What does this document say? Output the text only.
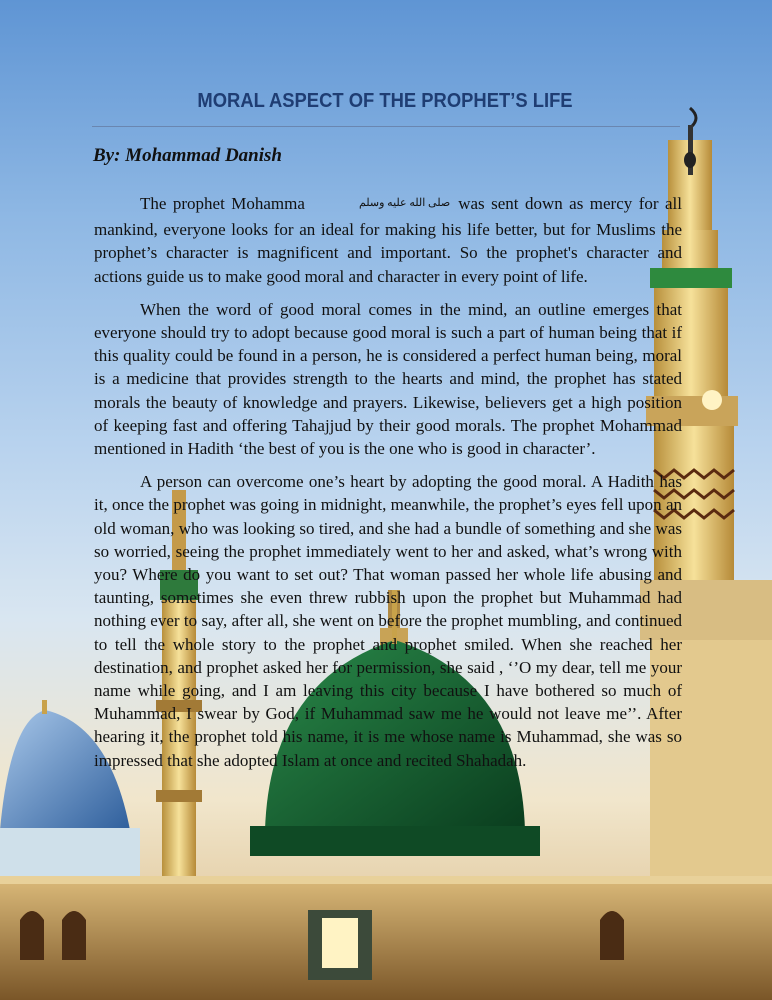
MORAL ASPECT OF THE PROPHET’S LIFE
By: Mohammad Danish

The prophet Mohamma	صلى الله عليه وسلم was sent down as mercy for all mankind, everyone looks for an ideal for making his life better, but for Muslims the prophet’s character is magnificent and important. So the prophet's character and actions guide us to make good moral and character in every point of life.

When the word of good moral comes in the mind, an outline emerges that everyone should try to adopt because good moral is such a part of human being that if this quality could be found in a person, he is considered a perfect human being, moral is a medicine that provides strength to the hearts and mind, the prophet has stated morals the beauty of knowledge and prayers. Likewise, believers get a high position of keeping fast and offering Tahajjud by their good morals. The prophet Mohammad mentioned in Hadith ‘the best of you is the one who is good in character’.

A person can overcome one’s heart by adopting the good moral. A Hadith has it, once the prophet was going in midnight, meanwhile, the prophet’s eyes fell upon an old woman, who was looking so tired, and she had a bundle of something and she was so worried, seeing the prophet immediately went to her and asked, what’s wrong with you? Where do you want to set out? That woman passed her whole life abusing and taunting, sometimes she even threw rubbish upon the prophet but Muhammad had nothing ever to say, after all, she went on before the prophet mumbling, and continued to tell the whole story to the prophet and prophet smiled. When she reached her destination, and prophet asked her for permission, she said , ‘’O my dear, tell me your name while going, and I am leaving this city because I have bothered so much of Muhammad, I swear by God, if Muhammad saw me he would not leave me’’. After hearing it, the prophet told his name, it is me whose name is Muhammad, she was so impressed that she adopted Islam at once and recited Shahadah.
